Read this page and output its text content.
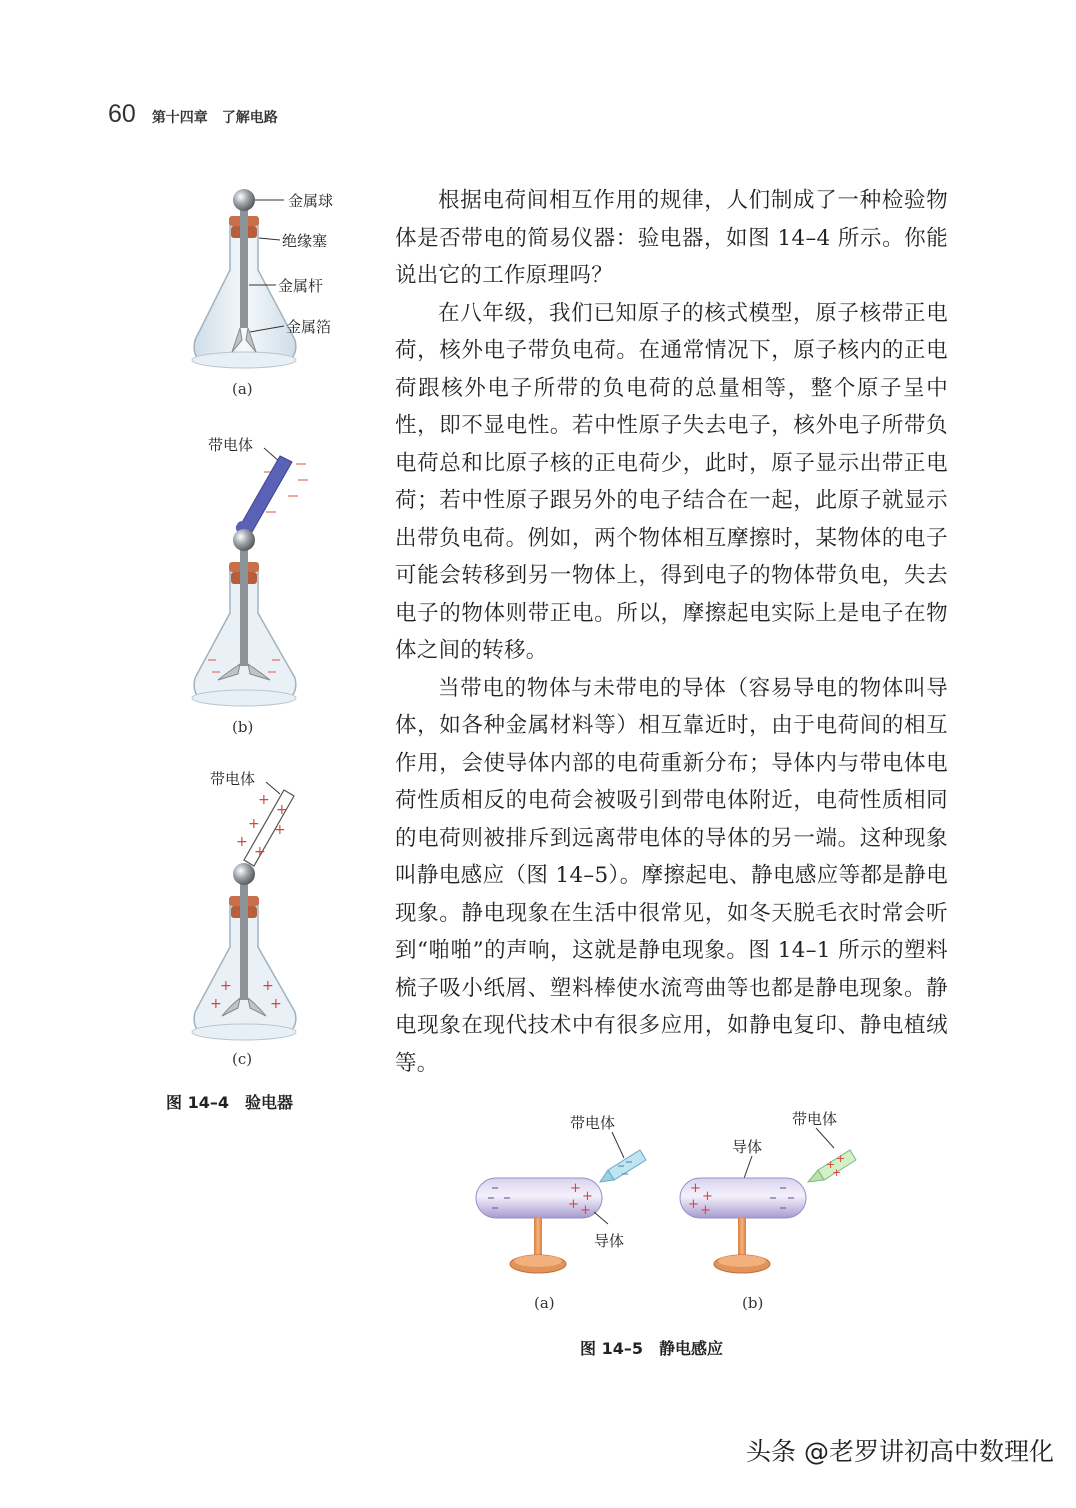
60 第十四章　了解电路
金属球
绝缘塞
金属杆
金属箔
(a)
带电体
(b)
带电体
+
+
+ +
+
+
+
+
+
+
(c)
图 14–4　验电器

根据电荷间相互作用的规律，人们制成了一种检验物体是否带电的简易仪器：验电器，如图 14–4 所示。你能说出它的工作原理吗？

在八年级，我们已知原子的核式模型，原子核带正电荷，核外电子带负电荷。在通常情况下，原子核内的正电荷跟核外电子所带的负电荷的总量相等，整个原子呈中性，即不显电性。若中性原子失去电子，核外电子所带负电荷总和比原子核的正电荷少，此时，原子显示出带正电荷；若中性原子跟另外的电子结合在一起，此原子就显示出带负电荷。例如，两个物体相互摩擦时，某物体的电子可能会转移到另一物体上，得到电子的物体带负电，失去电子的物体则带正电。所以，摩擦起电实际上是电子在物体之间的转移。

当带电的物体与未带电的导体（容易导电的物体叫导体，如各种金属材料等）相互靠近时，由于电荷间的相互作用，会使导体内部的电荷重新分布；导体内与带电体电荷性质相反的电荷会被吸引到带电体附近，电荷性质相同的电荷则被排斥到远离带电体的导体的另一端。这种现象叫静电感应（图 14–5）。摩擦起电、静电感应等都是静电现象。静电现象在生活中很常见，如冬天脱毛衣时常会听到“啪啪”的声响，这就是静电现象。图 14–1 所示的塑料梳子吸小纸屑、塑料棒使水流弯曲等也都是静电现象。静电现象在现代技术中有很多应用，如静电复印、静电植绒等。

带电体
+
+
+ +
导体
带电体
+ +
+
导体
+
+
+ +
(a)	(b)
图 14–5　静电感应
头条 @老罗讲初高中数理化
